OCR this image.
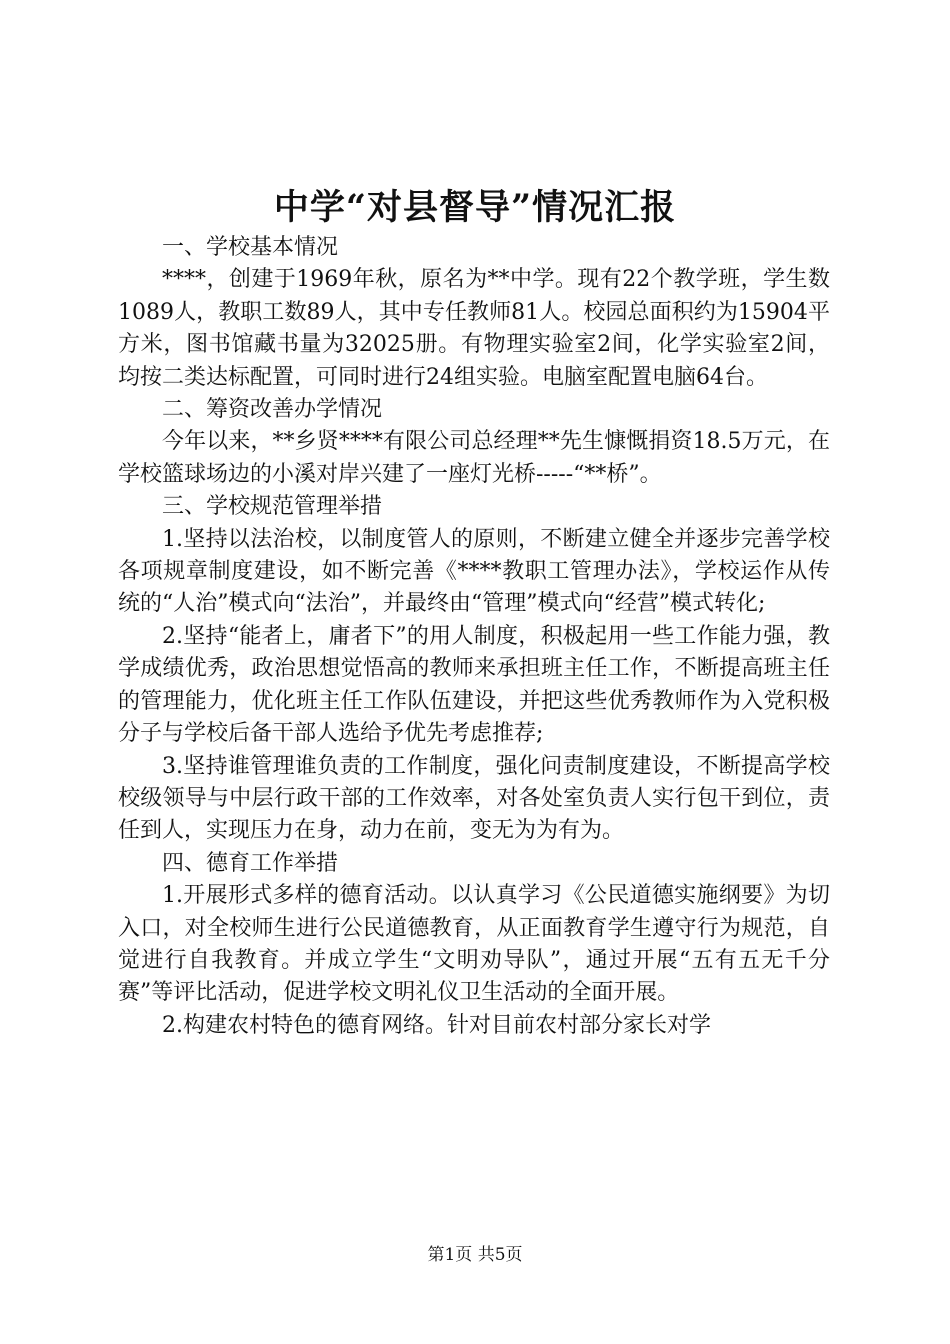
中学“对县督导”情况汇报

一、学校基本情况

****，创建于1969年秋，原名为**中学。现有22个教学班，学生数1089人，教职工数89人，其中专任教师81人。校园总面积约为15904平方米，图书馆藏书量为32025册。有物理实验室2间，化学实验室2间，均按二类达标配置，可同时进行24组实验。电脑室配置电脑64台。

二、筹资改善办学情况

今年以来，**乡贤****有限公司总经理**先生慷慨捐资18.5万元，在学校篮球场边的小溪对岸兴建了一座灯光桥-----“**桥”。

三、学校规范管理举措

1.坚持以法治校，以制度管人的原则，不断建立健全并逐步完善学校各项规章制度建设，如不断完善《****教职工管理办法》，学校运作从传统的“人治”模式向“法治”，并最终由“管理”模式向“经营”模式转化;

2.坚持“能者上，庸者下”的用人制度，积极起用一些工作能力强，教学成绩优秀，政治思想觉悟高的教师来承担班主任工作，不断提高班主任的管理能力，优化班主任工作队伍建设，并把这些优秀教师作为入党积极分子与学校后备干部人选给予优先考虑推荐;

3.坚持谁管理谁负责的工作制度，强化问责制度建设，不断提高学校校级领导与中层行政干部的工作效率，对各处室负责人实行包干到位，责任到人，实现压力在身，动力在前，变无为为有为。

四、德育工作举措

1.开展形式多样的德育活动。以认真学习《公民道德实施纲要》为切入口，对全校师生进行公民道德教育，从正面教育学生遵守行为规范，自觉进行自我教育。并成立学生“文明劝导队”，通过开展“五有五无千分赛”等评比活动，促进学校文明礼仪卫生活动的全面开展。

2.构建农村特色的德育网络。针对目前农村部分家长对学

第1页 共5页
